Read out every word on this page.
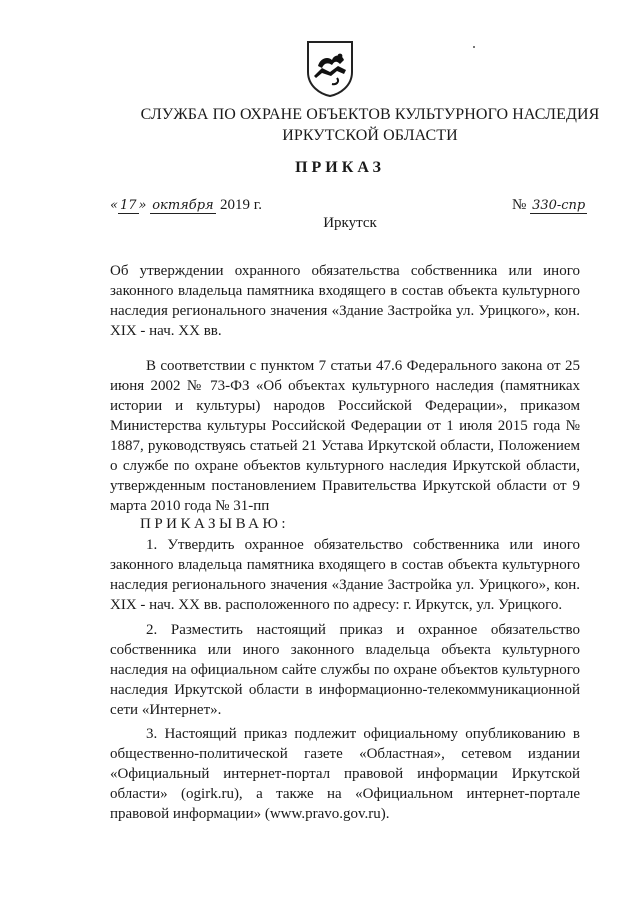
СЛУЖБА ПО ОХРАНЕ ОБЪЕКТОВ КУЛЬТУРНОГО НАСЛЕДИЯ
ИРКУТСКОЙ ОБЛАСТИ
ПРИКАЗ
« 17 » октября 2019 г.	№ 330-спр
Иркутск
Об утверждении охранного обязательства собственника или иного законного владельца памятника входящего в состав объекта культурного наследия регионального значения «Здание Застройка ул. Урицкого», кон. XIX - нач. XX вв.
В соответствии с пунктом 7 статьи 47.6 Федерального закона от 25 июня 2002 № 73-ФЗ «Об объектах культурного наследия (памятниках истории и культуры) народов Российской Федерации», приказом Министерства культуры Российской Федерации от 1 июля 2015 года № 1887, руководствуясь статьей 21 Устава Иркутской области, Положением о службе по охране объектов культурного наследия Иркутской области, утвержденным постановлением Правительства Иркутской области от 9 марта 2010 года № 31-пп
ПРИКАЗЫВАЮ:
1. Утвердить охранное обязательство собственника или иного законного владельца памятника входящего в состав объекта культурного наследия регионального значения «Здание Застройка ул. Урицкого», кон. XIX - нач. XX вв. расположенного по адресу: г. Иркутск, ул. Урицкого.
2. Разместить настоящий приказ и охранное обязательство собственника или иного законного владельца объекта культурного наследия на официальном сайте службы по охране объектов культурного наследия Иркутской области в информационно-телекоммуникационной сети «Интернет».
3. Настоящий приказ подлежит официальному опубликованию в общественно-политической газете «Областная», сетевом издании «Официальный интернет-портал правовой информации Иркутской области» (ogirk.ru), а также на «Официальном интернет-портале правовой информации» (www.pravo.gov.ru).
